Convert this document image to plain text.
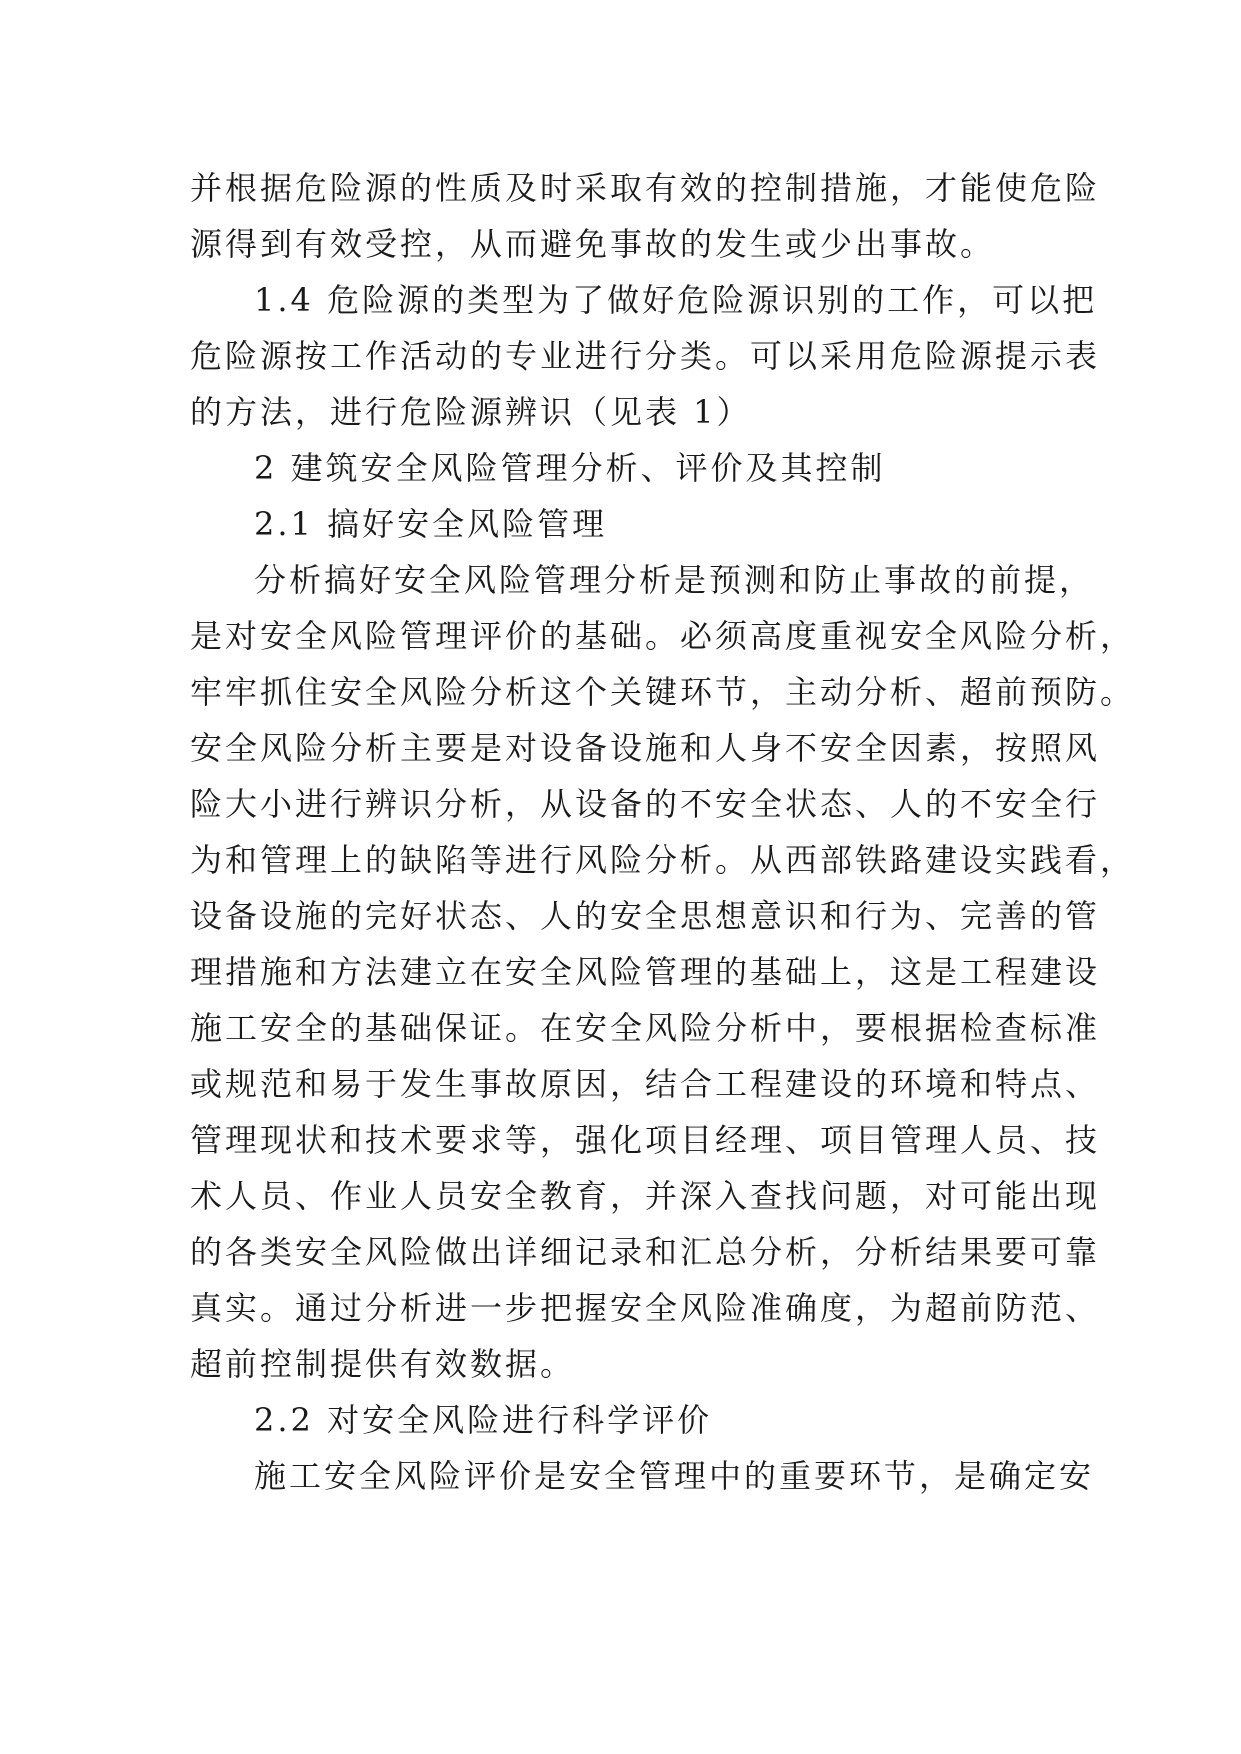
并根据危险源的性质及时采取有效的控制措施，才能使危险
源得到有效受控，从而避免事故的发生或少出事故。
1.4 危险源的类型为了做好危险源识别的工作，可以把
危险源按工作活动的专业进行分类。可以采用危险源提示表
的方法，进行危险源辨识（见表 1）
2 建筑安全风险管理分析、评价及其控制
2.1 搞好安全风险管理
分析搞好安全风险管理分析是预测和防止事故的前提，
是对安全风险管理评价的基础。必须高度重视安全风险分析，
牢牢抓住安全风险分析这个关键环节，主动分析、超前预防。
安全风险分析主要是对设备设施和人身不安全因素，按照风
险大小进行辨识分析，从设备的不安全状态、人的不安全行
为和管理上的缺陷等进行风险分析。从西部铁路建设实践看，
设备设施的完好状态、人的安全思想意识和行为、完善的管
理措施和方法建立在安全风险管理的基础上，这是工程建设
施工安全的基础保证。在安全风险分析中，要根据检查标准
或规范和易于发生事故原因，结合工程建设的环境和特点、
管理现状和技术要求等，强化项目经理、项目管理人员、技
术人员、作业人员安全教育，并深入查找问题，对可能出现
的各类安全风险做出详细记录和汇总分析，分析结果要可靠
真实。通过分析进一步把握安全风险准确度，为超前防范、
超前控制提供有效数据。
2.2 对安全风险进行科学评价
施工安全风险评价是安全管理中的重要环节，是确定安
